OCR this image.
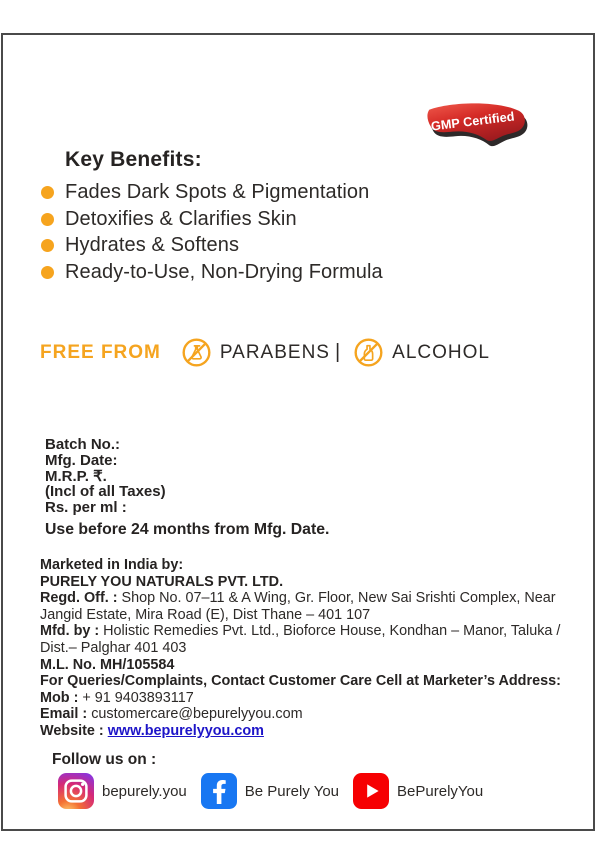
GMP Certified
Key Benefits:
Fades Dark Spots & Pigmentation
Detoxifies & Clarifies Skin
Hydrates & Softens
Ready-to-Use, Non-Drying Formula
FREE FROM	PARABENS |	ALCOHOL
Batch No.:
Mfg. Date:
M.R.P. ₹.
(Incl of all Taxes)
Rs. per ml :
Use before 24 months from Mfg. Date.
Marketed in India by:
PURELY YOU NATURALS PVT. LTD.
Regd. Off. : Shop No. 07–11 & A Wing, Gr. Floor, New Sai Srishti Complex, Near Jangid Estate, Mira Road (E), Dist Thane – 401 107
Mfd. by : Holistic Remedies Pvt. Ltd., Bioforce House, Kondhan – Manor, Taluka / Dist.– Palghar 401 403
M.L. No. MH/105584
For Queries/Complaints, Contact Customer Care Cell at Marketer’s Address:
Mob : + 91 9403893117
Email : customercare@bepurelyyou.com
Website : www.bepurelyyou.com
Follow us on :
bepurely.you	Be Purely You	BePurelyYou
